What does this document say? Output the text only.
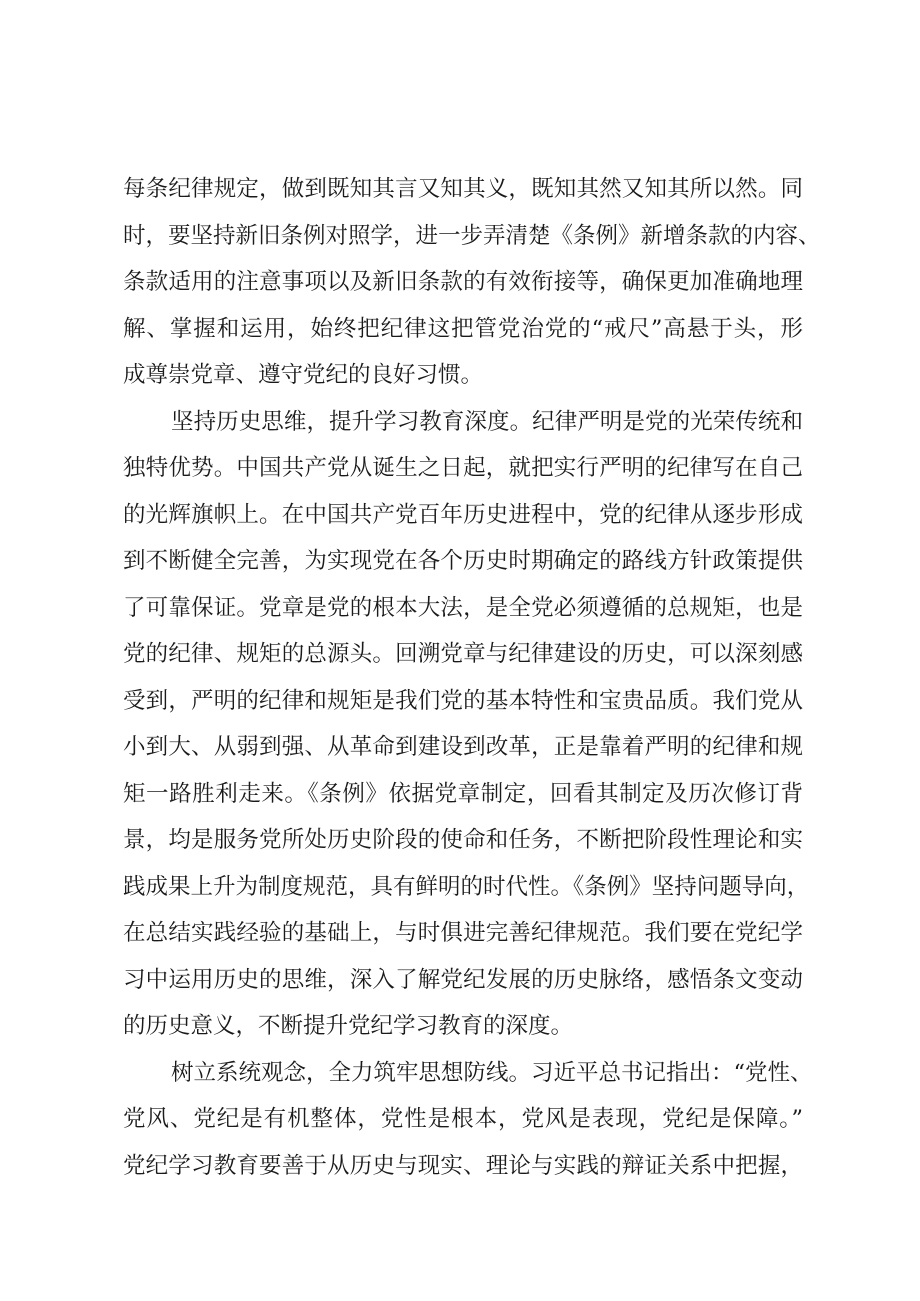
每条纪律规定，做到既知其言又知其义，既知其然又知其所以然。同
时，要坚持新旧条例对照学，进一步弄清楚《条例》新增条款的内容、
条款适用的注意事项以及新旧条款的有效衔接等，确保更加准确地理
解、掌握和运用，始终把纪律这把管党治党的“戒尺”高悬于头，形
成尊崇党章、遵守党纪的良好习惯。
坚持历史思维，提升学习教育深度。纪律严明是党的光荣传统和
独特优势。中国共产党从诞生之日起，就把实行严明的纪律写在自己
的光辉旗帜上。在中国共产党百年历史进程中，党的纪律从逐步形成
到不断健全完善，为实现党在各个历史时期确定的路线方针政策提供
了可靠保证。党章是党的根本大法，是全党必须遵循的总规矩，也是
党的纪律、规矩的总源头。回溯党章与纪律建设的历史，可以深刻感
受到，严明的纪律和规矩是我们党的基本特性和宝贵品质。我们党从
小到大、从弱到强、从革命到建设到改革，正是靠着严明的纪律和规
矩一路胜利走来。《条例》依据党章制定，回看其制定及历次修订背
景，均是服务党所处历史阶段的使命和任务，不断把阶段性理论和实
践成果上升为制度规范，具有鲜明的时代性。《条例》坚持问题导向，
在总结实践经验的基础上，与时俱进完善纪律规范。我们要在党纪学
习中运用历史的思维，深入了解党纪发展的历史脉络，感悟条文变动
的历史意义，不断提升党纪学习教育的深度。
树立系统观念，全力筑牢思想防线。习近平总书记指出：“党性、
党风、党纪是有机整体，党性是根本，党风是表现，党纪是保障。”
党纪学习教育要善于从历史与现实、理论与实践的辩证关系中把握，
